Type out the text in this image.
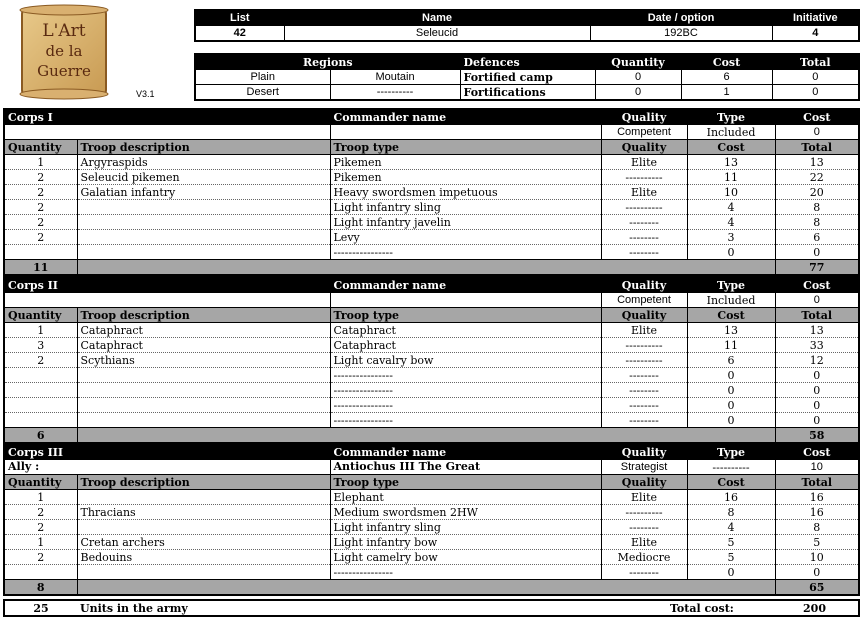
L'Art
de la
Guerre
V3.1
List	Name	Date / option	Initiative
42	Seleucid	192BC	4
Regions		Defences	Quantity	Cost	Total
Plain	Moutain	Fortified camp	0	6	0
Desert	----------	Fortifications	0	1	0
Corps I		Commander name	Quality	Type	Cost
			Competent	Included	0
Quantity	Troop description	Troop type	Quality	Cost	Total
1	Argyraspids	Pikemen	Elite	13	13
2	Seleucid pikemen	Pikemen	----------	11	22
2	Galatian infantry	Heavy swordsmen impetuous	Elite	10	20
2		Light infantry sling	----------	4	8
2		Light infantry javelin	--------	4	8
2		Levy	--------	3	6
		----------------	--------	0	0
11					77
Corps II		Commander name	Quality	Type	Cost
			Competent	Included	0
Quantity	Troop description	Troop type	Quality	Cost	Total
1	Cataphract	Cataphract	Elite	13	13
3	Cataphract	Cataphract	----------	11	33
2	Scythians	Light cavalry bow	----------	6	12
		----------------	--------	0	0
		----------------	--------	0	0
		----------------	--------	0	0
		----------------	--------	0	0
6					58
Corps III		Commander name	Quality	Type	Cost
Ally :		Antiochus III The Great	Strategist	----------	10
Quantity	Troop description	Troop type	Quality	Cost	Total
1		Elephant	Elite	16	16
2	Thracians	Medium swordsmen 2HW	----------	8	16
2		Light infantry sling	--------	4	8
1	Cretan archers	Light infantry bow	Elite	5	5
2	Bedouins	Light camelry bow	Mediocre	5	10
		----------------	--------	0	0
8					65
25	Units in the army	Total cost:	200
